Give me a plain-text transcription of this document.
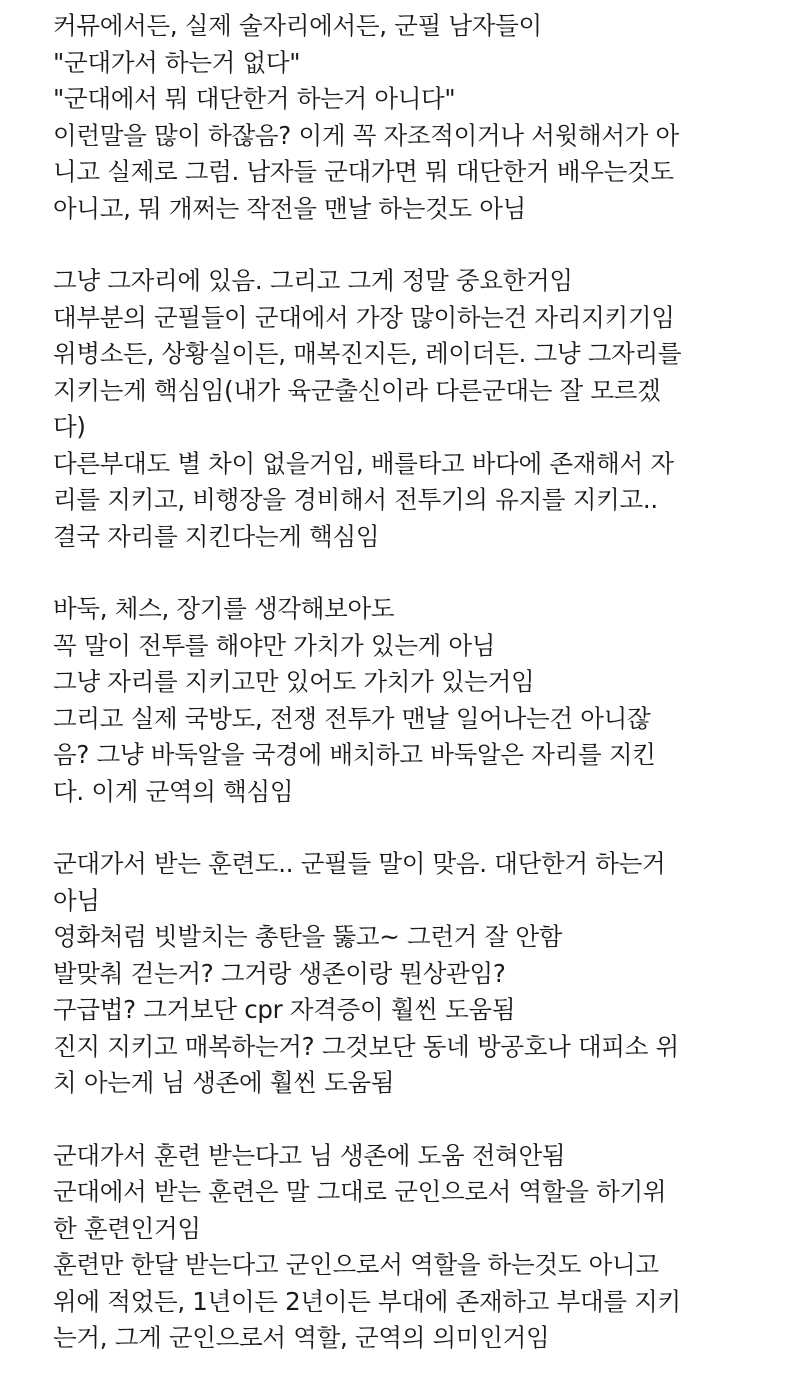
커뮤에서든, 실제 술자리에서든, 군필 남자들이
"군대가서 하는거 없다"
"군대에서 뭐 대단한거 하는거 아니다"
이런말을 많이 하잖음? 이게 꼭 자조적이거나 서윗해서가 아
니고 실제로 그럼. 남자들 군대가면 뭐 대단한거 배우는것도
아니고, 뭐 개쩌는 작전을 맨날 하는것도 아님
그냥 그자리에 있음. 그리고 그게 정말 중요한거임
대부분의 군필들이 군대에서 가장 많이하는건 자리지키기임
위병소든, 상황실이든, 매복진지든, 레이더든. 그냥 그자리를
지키는게 핵심임(내가 육군출신이라 다른군대는 잘 모르겠
다)
다른부대도 별 차이 없을거임, 배를타고 바다에 존재해서 자
리를 지키고, 비행장을 경비해서 전투기의 유지를 지키고..
결국 자리를 지킨다는게 핵심임
바둑, 체스, 장기를 생각해보아도
꼭 말이 전투를 해야만 가치가 있는게 아님
그냥 자리를 지키고만 있어도 가치가 있는거임
그리고 실제 국방도, 전쟁 전투가 맨날 일어나는건 아니잖
음? 그냥 바둑알을 국경에 배치하고 바둑알은 자리를 지킨
다. 이게 군역의 핵심임
군대가서 받는 훈련도.. 군필들 말이 맞음. 대단한거 하는거
아님
영화처럼 빗발치는 총탄을 뚫고~ 그런거 잘 안함
발맞춰 걷는거? 그거랑 생존이랑 뭔상관임?
구급법? 그거보단 cpr 자격증이 훨씬 도움됨
진지 지키고 매복하는거? 그것보단 동네 방공호나 대피소 위
치 아는게 님 생존에 훨씬 도움됨
군대가서 훈련 받는다고 님 생존에 도움 전혀안됨
군대에서 받는 훈련은 말 그대로 군인으로서 역할을 하기위
한 훈련인거임
훈련만 한달 받는다고 군인으로서 역할을 하는것도 아니고
위에 적었든, 1년이든 2년이든 부대에 존재하고 부대를 지키
는거, 그게 군인으로서 역할, 군역의 의미인거임
